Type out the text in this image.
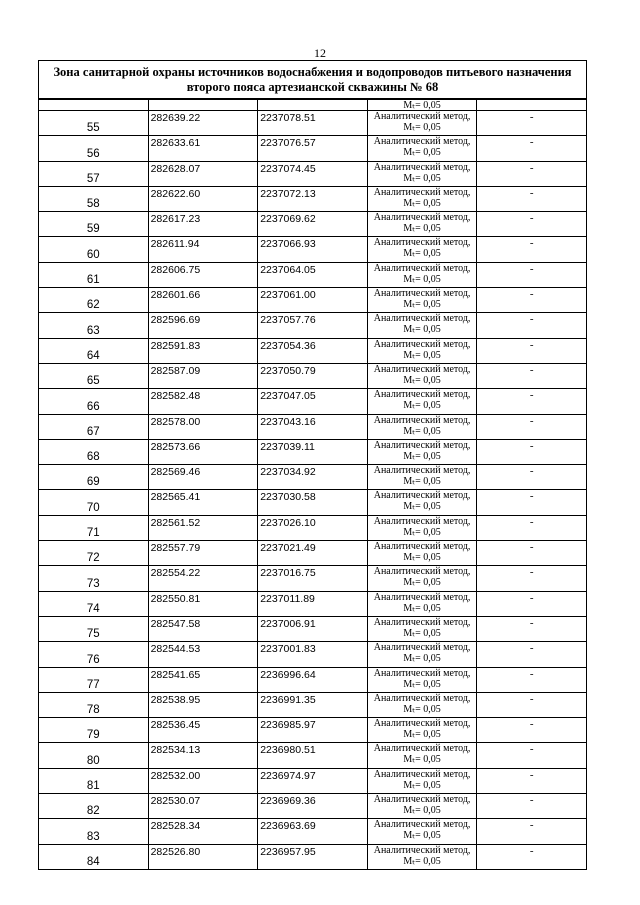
12
Зона санитарной охраны источников водоснабжения и водопроводов питьевого назначения
второго пояса артезианской скважины № 68				

			Mₜ= 0,05	
55	282639.22	2237078.51	Аналитический метод,
Mₜ= 0,05	-
56	282633.61	2237076.57	Аналитический метод,
Mₜ= 0,05	-
57	282628.07	2237074.45	Аналитический метод,
Mₜ= 0,05	-
58	282622.60	2237072.13	Аналитический метод,
Mₜ= 0,05	-
59	282617.23	2237069.62	Аналитический метод,
Mₜ= 0,05	-
60	282611.94	2237066.93	Аналитический метод,
Mₜ= 0,05	-
61	282606.75	2237064.05	Аналитический метод,
Mₜ= 0,05	-
62	282601.66	2237061.00	Аналитический метод,
Mₜ= 0,05	-
63	282596.69	2237057.76	Аналитический метод,
Mₜ= 0,05	-
64	282591.83	2237054.36	Аналитический метод,
Mₜ= 0,05	-
65	282587.09	2237050.79	Аналитический метод,
Mₜ= 0,05	-
66	282582.48	2237047.05	Аналитический метод,
Mₜ= 0,05	-
67	282578.00	2237043.16	Аналитический метод,
Mₜ= 0,05	-
68	282573.66	2237039.11	Аналитический метод,
Mₜ= 0,05	-
69	282569.46	2237034.92	Аналитический метод,
Mₜ= 0,05	-
70	282565.41	2237030.58	Аналитический метод,
Mₜ= 0,05	-
71	282561.52	2237026.10	Аналитический метод,
Mₜ= 0,05	-
72	282557.79	2237021.49	Аналитический метод,
Mₜ= 0,05	-
73	282554.22	2237016.75	Аналитический метод,
Mₜ= 0,05	-
74	282550.81	2237011.89	Аналитический метод,
Mₜ= 0,05	-
75	282547.58	2237006.91	Аналитический метод,
Mₜ= 0,05	-
76	282544.53	2237001.83	Аналитический метод,
Mₜ= 0,05	-
77	282541.65	2236996.64	Аналитический метод,
Mₜ= 0,05	-
78	282538.95	2236991.35	Аналитический метод,
Mₜ= 0,05	-
79	282536.45	2236985.97	Аналитический метод,
Mₜ= 0,05	-
80	282534.13	2236980.51	Аналитический метод,
Mₜ= 0,05	-
81	282532.00	2236974.97	Аналитический метод,
Mₜ= 0,05	-
82	282530.07	2236969.36	Аналитический метод,
Mₜ= 0,05	-
83	282528.34	2236963.69	Аналитический метод,
Mₜ= 0,05	-
84	282526.80	2236957.95	Аналитический метод,
Mₜ= 0,05	-
